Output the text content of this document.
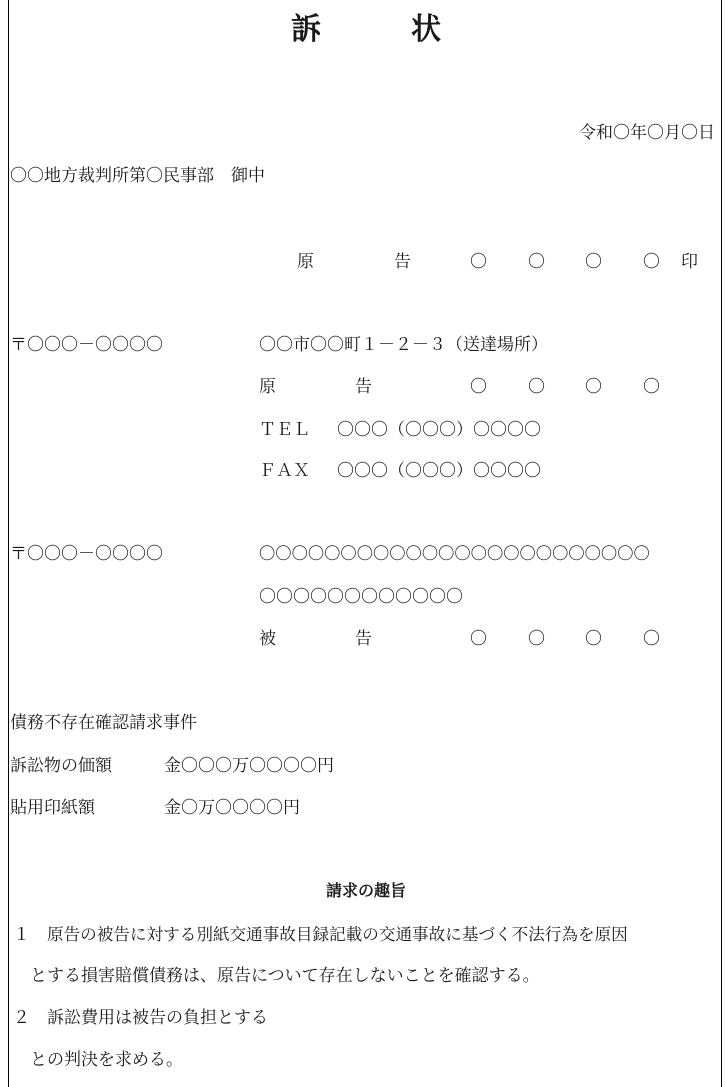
訴　　　状
令和〇年〇月〇日
〇〇地方裁判所第〇民事部　御中
原	告	〇 〇 〇 〇 印
〒〇〇〇－〇〇〇〇	〇〇市〇〇町１－２－３（送達場所）
原	告	〇 〇 〇 〇
ＴＥＬ 〇〇〇（〇〇〇）〇〇〇〇
ＦＡＸ 〇〇〇（〇〇〇）〇〇〇〇
〒〇〇〇－〇〇〇〇	〇〇〇〇〇〇〇〇〇〇〇〇〇〇〇〇〇〇〇〇〇〇〇〇
〇〇〇〇〇〇〇〇〇〇〇〇
被	告	〇 〇 〇 〇
債務不存在確認請求事件
訴訟物の価額	金〇〇〇万〇〇〇〇円
貼用印紙額	金〇万〇〇〇〇円
請求の趣旨
１ 原告の被告に対する別紙交通事故目録記載の交通事故に基づく不法行為を原因
とする損害賠償債務は、原告について存在しないことを確認する。
２ 訴訟費用は被告の負担とする
との判決を求める。
